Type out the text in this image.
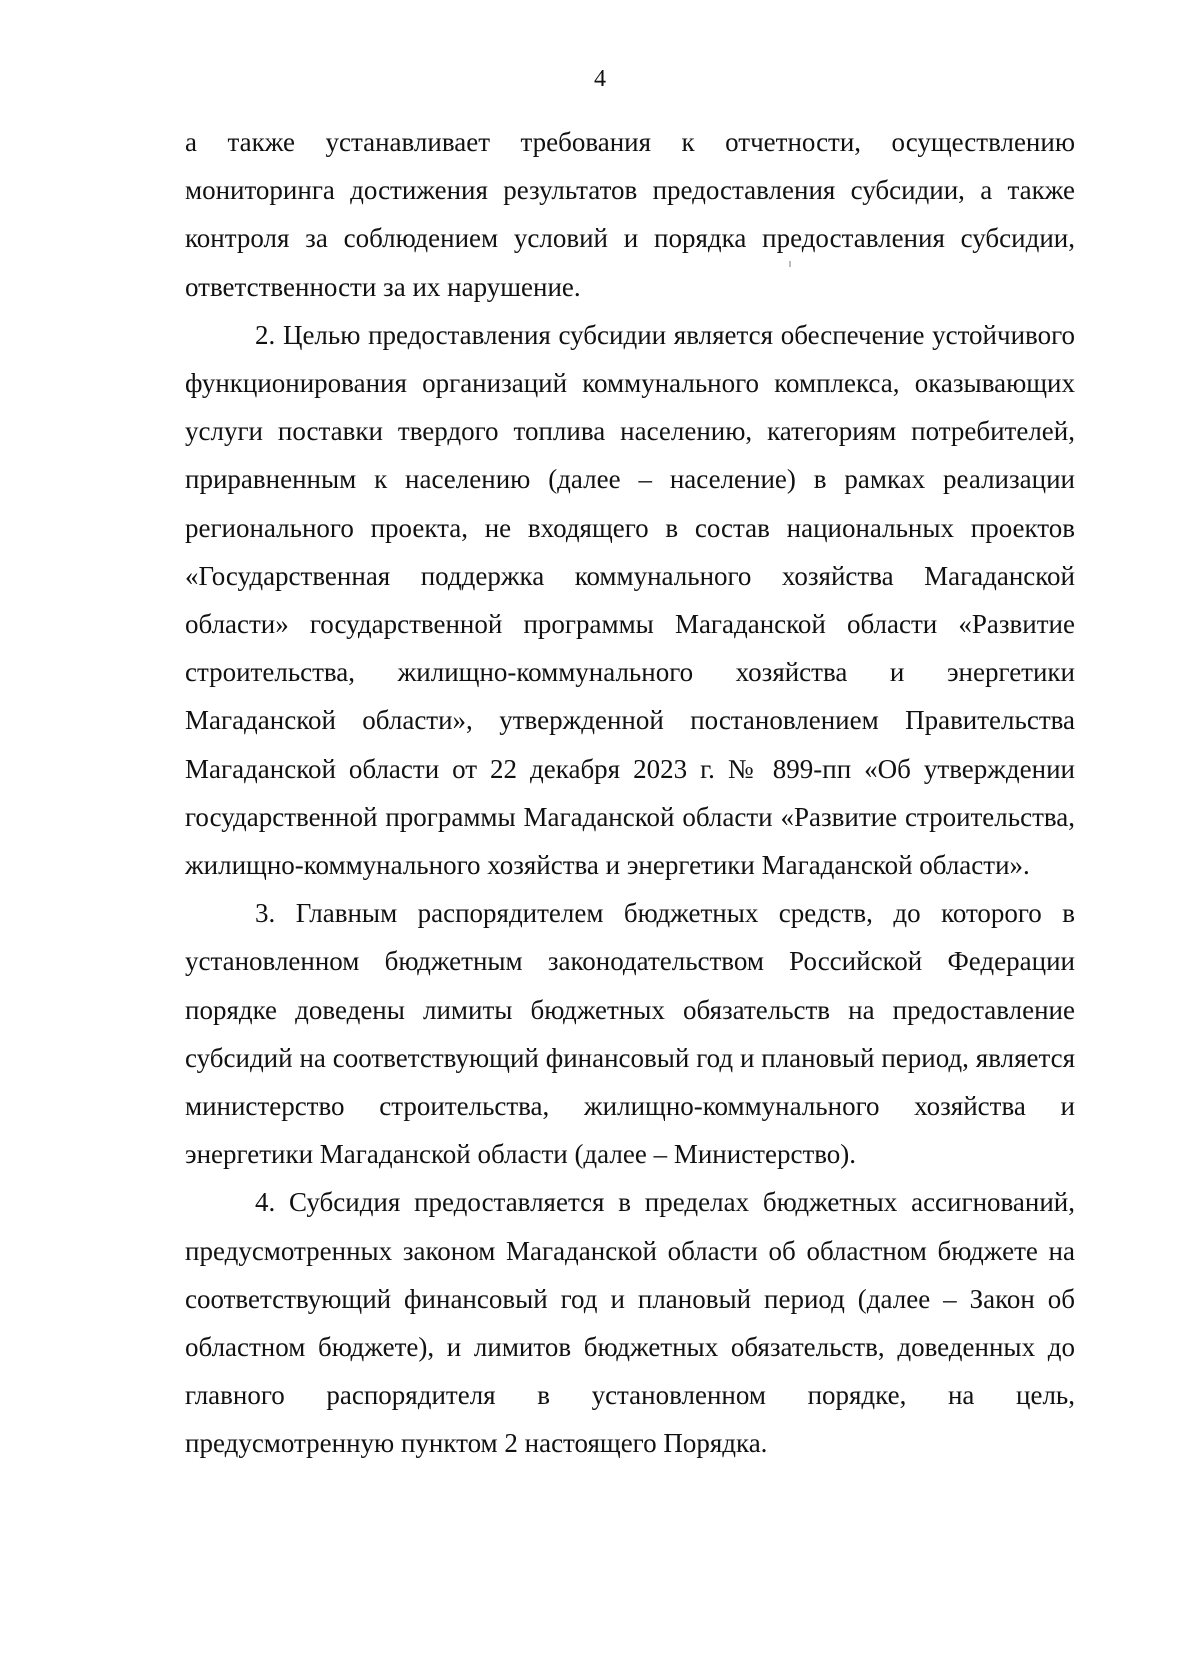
4

а также устанавливает требования к отчетности, осуществлению мониторинга достижения результатов предоставления субсидии, а также контроля за соблюдением условий и порядка предоставления субсидии, ответственности за их нарушение.

2. Целью предоставления субсидии является обеспечение устойчивого функционирования организаций коммунального комплекса, оказывающих услуги поставки твердого топлива населению, категориям потребителей, приравненным к населению (далее – население) в рамках реализации регионального проекта, не входящего в состав национальных проектов «Государственная поддержка коммунального хозяйства Магаданской области» государственной программы Магаданской области «Развитие строительства, жилищно-коммунального хозяйства и энергетики Магаданской области», утвержденной постановлением Правительства Магаданской области от 22 декабря 2023 г. № 899-пп «Об утверждении государственной программы Магаданской области «Развитие строительства, жилищно-коммунального хозяйства и энергетики Магаданской области».

3. Главным распорядителем бюджетных средств, до которого в установленном бюджетным законодательством Российской Федерации порядке доведены лимиты бюджетных обязательств на предоставление субсидий на соответствующий финансовый год и плановый период, является министерство строительства, жилищно-коммунального хозяйства и энергетики Магаданской области (далее – Министерство).

4. Субсидия предоставляется в пределах бюджетных ассигнований, предусмотренных законом Магаданской области об областном бюджете на соответствующий финансовый год и плановый период (далее – Закон об областном бюджете), и лимитов бюджетных обязательств, доведенных до главного распорядителя в установленном порядке, на цель, предусмотренную пунктом 2 настоящего Порядка.
